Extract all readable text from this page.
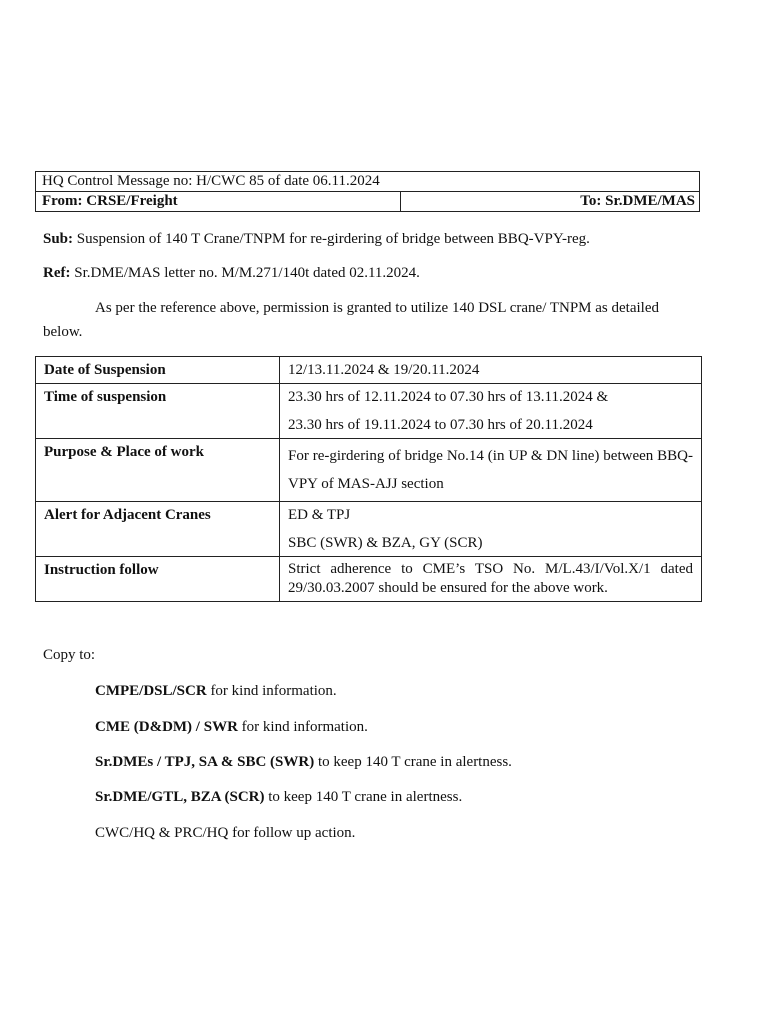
HQ Control Message no: H/CWC 85 of date 06.11.2024
From: CRSE/Freight	To: Sr.DME/MAS
Sub: Suspension of 140 T Crane/TNPM for re-girdering of bridge between BBQ-VPY-reg.
Ref: Sr.DME/MAS letter no. M/M.271/140t dated 02.11.2024.
As per the reference above, permission is granted to utilize 140 DSL crane/ TNPM as detailed below.
Date of Suspension	12/13.11.2024 & 19/20.11.2024

Time of suspension	23.30 hrs of 12.11.2024 to 07.30 hrs of 13.11.2024 &
23.30 hrs of 19.11.2024 to 07.30 hrs of 20.11.2024

Purpose & Place of work	For re-girdering of bridge No.14 (in UP & DN line) between BBQ-VPY of MAS-AJJ section

Alert for Adjacent Cranes	ED & TPJ
SBC (SWR) & BZA, GY (SCR)

Instruction follow	Strict adherence to CME’s TSO No. M/L.43/I/Vol.X/1 dated 29/30.03.2007 should be ensured for the above work.
Copy to:
CMPE/DSL/SCR for kind information.
CME (D&DM) / SWR for kind information.
Sr.DMEs / TPJ, SA & SBC (SWR) to keep 140 T crane in alertness.
Sr.DME/GTL, BZA (SCR) to keep 140 T crane in alertness.
CWC/HQ & PRC/HQ for follow up action.
